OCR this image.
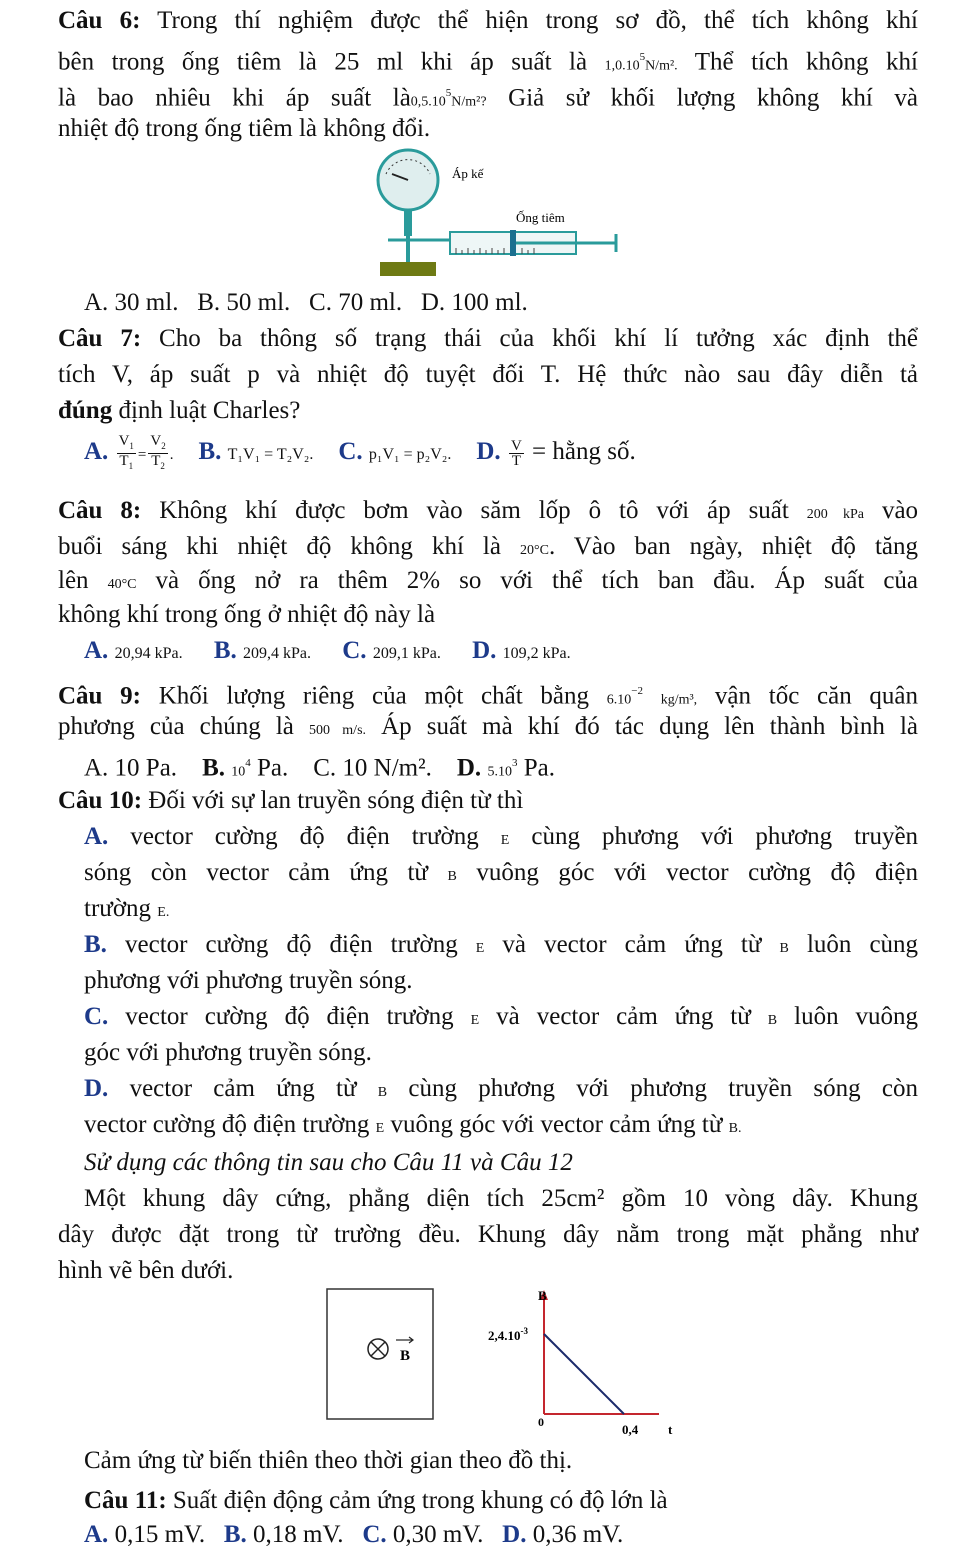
Câu 6: Trong thí nghiệm được thể hiện trong sơ đồ, thể tích không khí
bên trong ống tiêm là 25 ml khi áp suất là 1,0.10$^5$N/m². Thể tích không khí
là bao nhiêu khi áp suất là0,5.10$^5$N/m²? Giả sử khối lượng không khí và
nhiệt độ trong ống tiêm là không đổi.
Áp kế
Ống tiêm
A. 30 ml. B. 50 ml. C. 70 ml. D. 100 ml.
Câu 7: Cho ba thông số trạng thái của khối khí lí tưởng xác định thể
tích V, áp suất p và nhiệt độ tuyệt đối T. Hệ thức nào sau đây diễn tả
đúng định luật Charles?
A. $\frac{V_1}{T_1} = \frac{V_2}{T_2}$ . B. T₁V₁ = T₂V₂. C. p₁V₁ = p₂V₂. D. $\frac{V}{T}$ = hằng số.
Câu 8: Không khí được bơm vào săm lốp ô tô với áp suất 200 kPa vào
buổi sáng khi nhiệt độ không khí là 20°C. Vào ban ngày, nhiệt độ tăng
lên 40°C và ống nở ra thêm 2% so với thể tích ban đầu. Áp suất của
không khí trong ống ở nhiệt độ này là
A. 20,94 kPa. B. 209,4 kPa. C. 209,1 kPa. D. 109,2 kPa.
Câu 9: Khối lượng riêng của một chất bằng $6.10^{-2}$ kg/m³, vận tốc căn quân
phương của chúng là 500 m/s. Áp suất mà khí đó tác dụng lên thành bình là
A. 10 Pa. B. $10^4$ Pa. C. 10 N/m². D. 5.10$^3$ Pa.
Câu 10: Đối với sự lan truyền sóng điện từ thì
A. vector cường độ điện trường E cùng phương với phương truyền
sóng còn vector cảm ứng từ B vuông góc với vector cường độ điện
trường E.
B. vector cường độ điện trường E và vector cảm ứng từ B luôn cùng
phương với phương truyền sóng.
C. vector cường độ điện trường E và vector cảm ứng từ B luôn vuông
góc với phương truyền sóng.
D. vector cảm ứng từ B cùng phương với phương truyền sóng còn
vector cường độ điện trường E vuông góc với vector cảm ứng từ B.
Sử dụng các thông tin sau cho Câu 11 và Câu 12
Một khung dây cứng, phẳng diện tích 25cm² gồm 10 vòng dây. Khung
dây được đặt trong từ trường đều. Khung dây nằm trong mặt phẳng như
hình vẽ bên dưới.
B
B
$2,4.10^{-3}$
0	0,4 t
Cảm ứng từ biến thiên theo thời gian theo đồ thị.
Câu 11: Suất điện động cảm ứng trong khung có độ lớn là
A. 0,15 mV. B. 0,18 mV. C. 0,30 mV. D. 0,36 mV.
